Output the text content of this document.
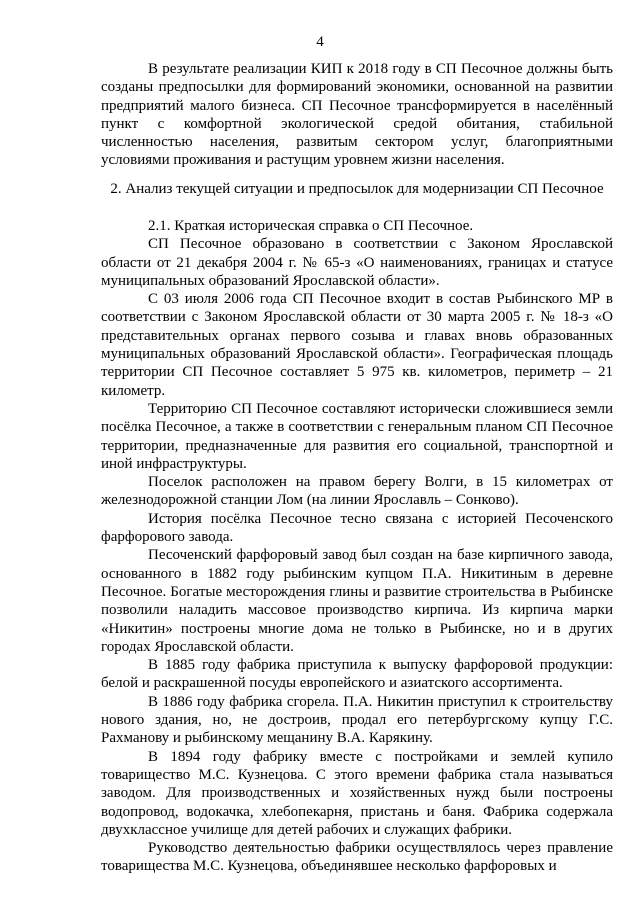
4

В результате реализации КИП к 2018 году в СП Песочное должны быть созданы предпосылки для формирований экономики, основанной на развитии предприятий малого бизнеса. СП Песочное трансформируется в населённый пункт с комфортной экологической средой обитания, стабильной численностью населения, развитым сектором услуг, благоприятными условиями проживания и растущим уровнем жизни населения.

2. Анализ текущей ситуации и предпосылок для модернизации СП Песочное

2.1. Краткая историческая справка о СП Песочное.

СП Песочное образовано в соответствии с Законом Ярославской области от 21 декабря 2004 г. № 65-з «О наименованиях, границах и статусе муниципальных образований Ярославской области».

С 03 июля 2006 года СП Песочное входит в состав Рыбинского МР в соответствии с Законом Ярославской области от 30 марта 2005 г. № 18-з «О представительных органах первого созыва и главах вновь образованных муниципальных образований Ярославской области». Географическая площадь территории СП Песочное составляет 5 975 кв. километров, периметр – 21 километр.

Территорию СП Песочное составляют исторически сложившиеся земли посёлка Песочное, а также в соответствии с генеральным планом СП Песочное территории, предназначенные для развития его социальной, транспортной и иной инфраструктуры.

Поселок расположен на правом берегу Волги, в 15 километрах от железнодорожной станции Лом (на линии Ярославль – Сонково).

История посёлка Песочное тесно связана с историей Песоченского фарфорового завода.

Песоченский фарфоровый завод был создан на базе кирпичного завода, основанного в 1882 году рыбинским купцом П.А. Никитиным в деревне Песочное. Богатые месторождения глины и развитие строительства в Рыбинске позволили наладить массовое производство кирпича. Из кирпича марки «Никитин» построены многие дома не только в Рыбинске, но и в других городах Ярославской области.

В 1885 году фабрика приступила к выпуску фарфоровой продукции: белой и раскрашенной посуды европейского и азиатского ассортимента.

В 1886 году фабрика сгорела. П.А. Никитин приступил к строительству нового здания, но, не достроив, продал его петербургскому купцу Г.С. Рахманову и рыбинскому мещанину В.А. Карякину.

В 1894 году фабрику вместе с постройками и землей купило товарищество М.С. Кузнецова. С этого времени фабрика стала называться заводом. Для производственных и хозяйственных нужд были построены водопровод, водокачка, хлебопекарня, пристань и баня. Фабрика содержала двухклассное училище для детей рабочих и служащих фабрики.

Руководство деятельностью фабрики осуществлялось через правление товарищества М.С. Кузнецова, объединявшее несколько фарфоровых и
